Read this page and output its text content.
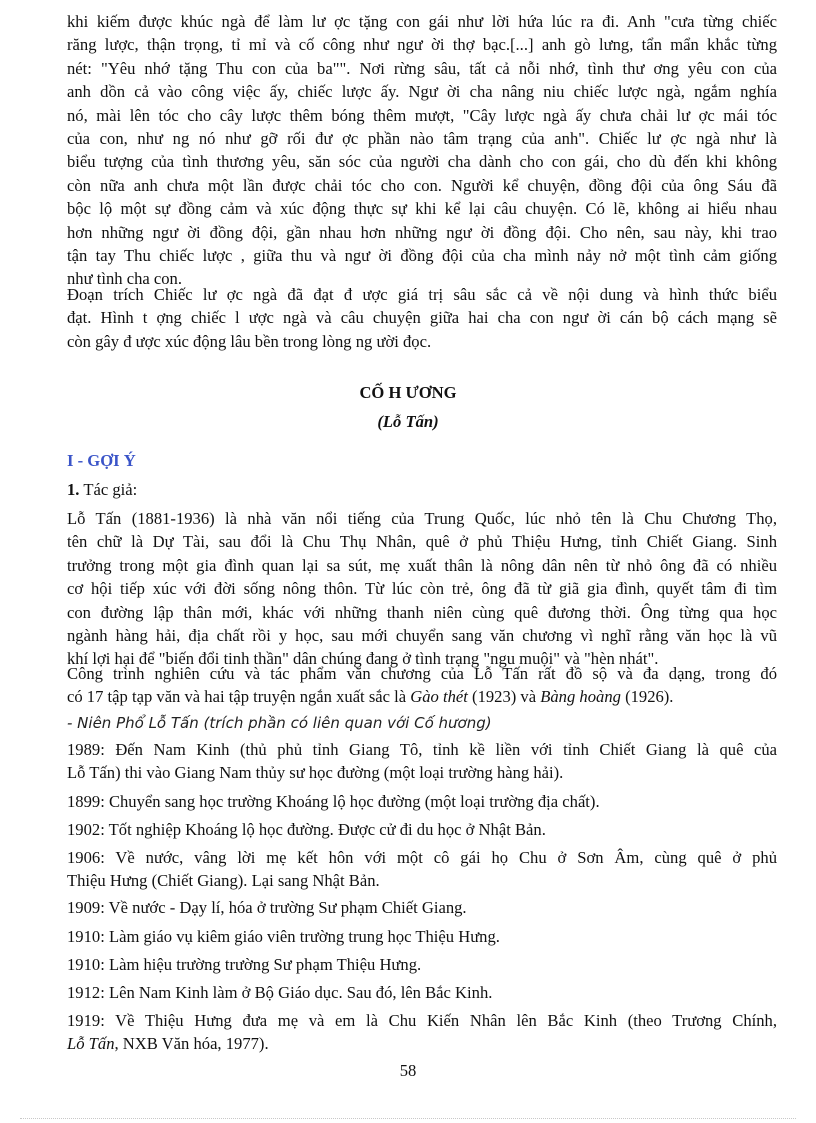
khi kiếm được khúc ngà để làm lư ợc tặng con gái như lời hứa lúc ra đi. Anh "cưa từng chiếc

răng lược, thận trọng, tỉ mỉ và cố công như ngư ời thợ bạc.[...] anh gò lưng, tẩn mẩn khắc từng

nét: "Yêu nhớ tặng Thu con của ba"". Nơi rừng sâu, tất cả nỗi nhớ, tình thư ơng yêu con của

anh dồn cả vào công việc ấy, chiếc lược ấy. Ngư ời cha nâng niu chiếc lược ngà, ngắm nghía

nó, mài lên tóc cho cây lược thêm bóng thêm mượt, "Cây lược ngà ấy chưa chải lư ợc mái tóc

của con, như ng nó như gỡ rối đư ợc phần nào tâm trạng của anh". Chiếc lư ợc ngà như là

biểu tượng của tình thương yêu, săn sóc của người cha dành cho con gái, cho dù đến khi không

còn nữa anh chưa một lần được chải tóc cho con. Người kể chuyện, đồng đội của ông Sáu đã

bộc lộ một sự đồng cảm và xúc động thực sự khi kể lại câu chuyện. Có lẽ, không ai hiểu nhau

hơn những ngư ời đồng đội, gần nhau hơn những ngư ời đồng đội. Cho nên, sau này, khi trao

tận tay Thu chiếc lược , giữa thu và ngư ời đồng đội của cha mình nảy nở một tình cảm giống

như tình cha con.

Đoạn trích Chiếc lư ợc ngà đã đạt đ ược giá trị sâu sắc cả về nội dung và hình thức biểu

đạt. Hình t ợng chiếc l ược ngà và câu chuyện giữa hai cha con ngư ời cán bộ cách mạng sẽ

còn gây đ ược xúc động lâu bền trong lòng ng ười đọc.

CỐ H ƯƠNG
(Lỗ Tấn)
I - GỢI Ý
1. Tác giả:

Lỗ Tấn (1881-1936) là nhà văn nổi tiếng của Trung Quốc, lúc nhỏ tên là Chu Chương Thọ,

tên chữ là Dự Tài, sau đổi là Chu Thụ Nhân, quê ở phủ Thiệu Hưng, tỉnh Chiết Giang. Sinh

trưởng trong một gia đình quan lại sa sút, mẹ xuất thân là nông dân nên từ nhỏ ông đã có nhiều

cơ hội tiếp xúc với đời sống nông thôn. Từ lúc còn trẻ, ông đã từ giã gia đình, quyết tâm đi tìm

con đường lập thân mới, khác với những thanh niên cùng quê đương thời. Ông từng qua học

ngành hàng hải, địa chất rồi y học, sau mới chuyển sang văn chương vì nghĩ rằng văn học là vũ

khí lợi hại để "biến đổi tinh thần" dân chúng đang ở tình trạng "ngu muội" và "hèn nhát".

Công trình nghiên cứu và tác phẩm văn chương của Lỗ Tấn rất đồ sộ và đa dạng, trong đó

có 17 tập tạp văn và hai tập truyện ngắn xuất sắc là Gào thét (1923) và Bàng hoàng (1926).

- Niên Phổ Lỗ Tấn (trích phần có liên quan với Cố hương)

1989: Đến Nam Kinh (thủ phủ tỉnh Giang Tô, tỉnh kề liền với tỉnh Chiết Giang là quê của

Lỗ Tấn) thi vào Giang Nam thủy sư học đường (một loại trường hàng hải).

1899: Chuyển sang học trường Khoáng lộ học đường (một loại trường địa chất).

1902: Tốt nghiệp Khoáng lộ học đường. Được cử đi du học ở Nhật Bản.

1906: Về nước, vâng lời mẹ kết hôn với một cô gái họ Chu ở Sơn Âm, cùng quê ở phủ

Thiệu Hưng (Chiết Giang). Lại sang Nhật Bản.

1909: Về nước - Dạy lí, hóa ở trường Sư phạm Chiết Giang.

1910: Làm giáo vụ kiêm giáo viên trường trung học Thiệu Hưng.

1910: Làm hiệu trường trường Sư phạm Thiệu Hưng.

1912: Lên Nam Kinh làm ở Bộ Giáo dục. Sau đó, lên Bắc Kinh.

1919: Về Thiệu Hưng đưa mẹ và em là Chu Kiến Nhân lên Bắc Kinh (theo Trương Chính,

Lỗ Tấn, NXB Văn hóa, 1977).

58
